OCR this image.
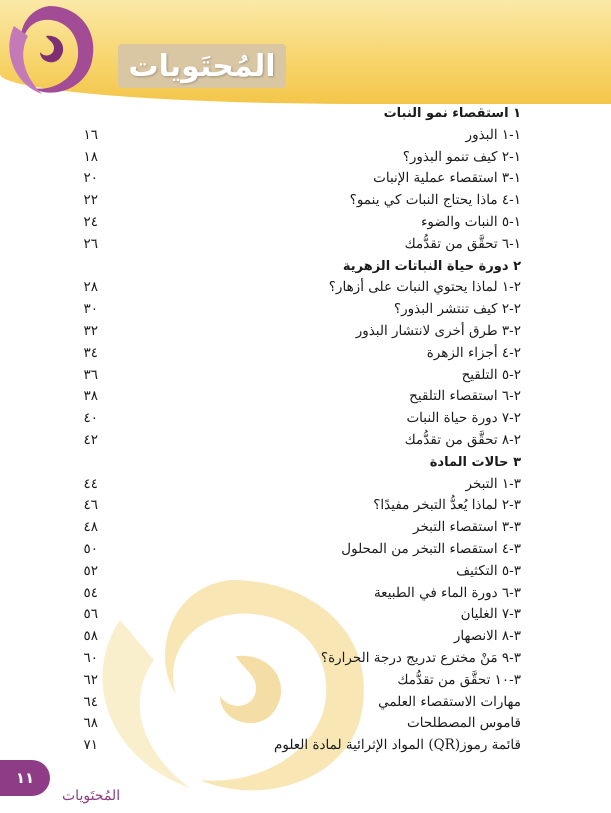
المُحتَويات
١ استقصاء نمو النبات
١-١ البذور
١٦
١-٢ كيف تنمو البذور؟
١٨
١-٣ استقصاء عملية الإنبات
٢٠
١-٤ ماذا يحتاج النبات كي ينمو؟
٢٢
١-٥ النبات والضوء
٢٤
١-٦ تحقَّق من تقدُّمك
٢٦
٢ دورة حياة النباتات الزهرية
٢-١ لماذا يحتوي النبات على أزهار؟
٢٨
٢-٢ كيف تنتشر البذور؟
٣٠
٢-٣ طرق أخرى لانتشار البذور
٣٢
٢-٤ أجزاء الزهرة
٣٤
٢-٥ التلقيح
٣٦
٢-٦ استقصاء التلقيح
٣٨
٢-٧ دورة حياة النبات
٤٠
٢-٨ تحقَّق من تقدُّمك
٤٢
٣ حالات المادة
٣-١ التبخر
٤٤
٣-٢ لماذا يُعدُّ التبخر مفيدًا؟
٤٦
٣-٣ استقصاء التبخر
٤٨
٣-٤ استقصاء التبخر من المحلول
٥٠
٣-٥ التكثيف
٥٢
٣-٦ دورة الماء في الطبيعة
٥٤
٣-٧ الغليان
٥٦
٣-٨ الانصهار
٥٨
٣-٩ مَنْ مخترع تدريج درجة الحرارة؟
٦٠
٣-١٠ تحقَّق من تقدُّمك
٦٢
مهارات الاستقصاء العلمي
٦٤
قاموس المصطلحات
٦٨
قائمة رموز(QR) المواد الإثرائية لمادة العلوم
٧١
١١
المُحتَويات
